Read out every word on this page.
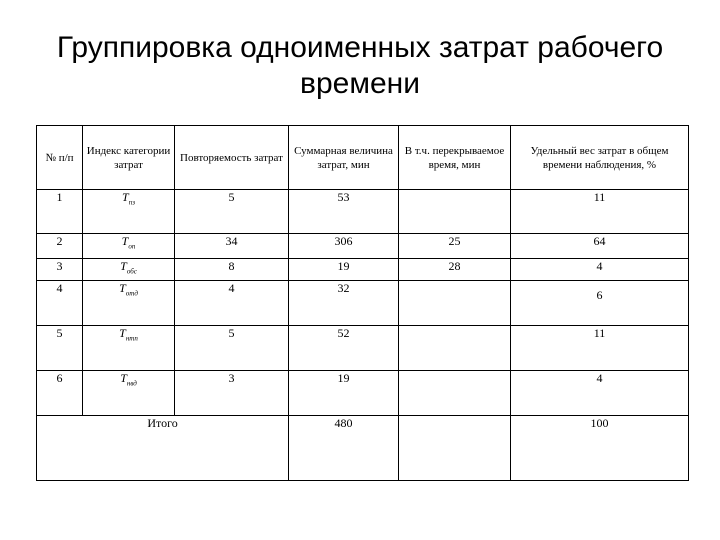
Группировка одноименных затрат рабочего времени
№ п/п	Индекс категории затрат	Повторяемость затрат	Суммарная величина затрат, мин	В т.ч. перекрываемое время, мин	Удельный вес затрат в общем времени наблюдения, %
1	$T_{пз}$	5	53		11
2	$T_{оп}$	34	306	25	64
3	$T_{обс}$	8	19	28	4
4	$T_{отд}$	4	32		6
5	$T_{нтп}$	5	52		11
6	$T_{нвд}$	3	19		4
Итого			480		100
